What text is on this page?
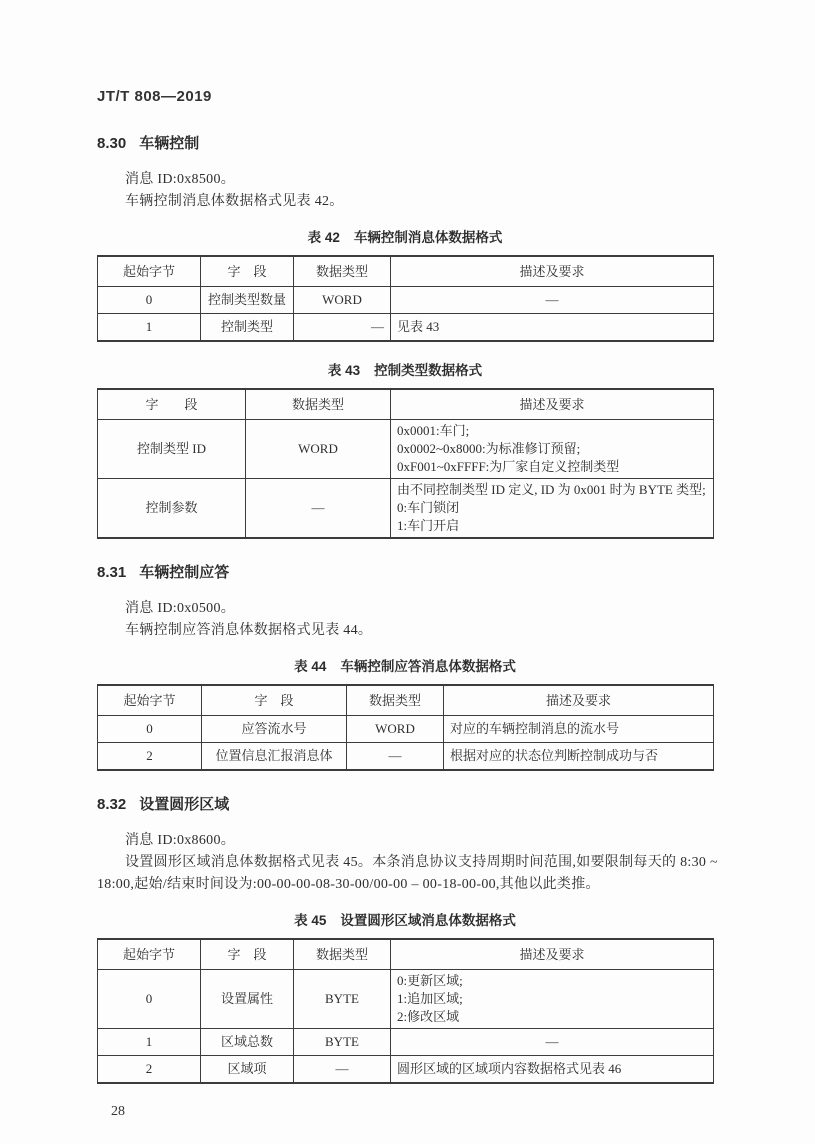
JT/T 808—2019
8.30 车辆控制

消息 ID:0x8500。

车辆控制消息体数据格式见表 42。

表 42 车辆控制消息体数据格式
起始字节	字　段	数据类型	描述及要求
0	控制类型数量	WORD	—
1	控制类型	—	见表 43
表 43 控制类型数据格式
字　　段	数据类型	描述及要求
控制类型 ID	WORD	0x0001:车门;
0x0002~0x8000:为标准修订预留;
0xF001~0xFFFF:为厂家自定义控制类型

控制参数	—	由不同控制类型 ID 定义, ID 为 0x001 时为 BYTE 类型;
0:车门锁闭
1:车门开启
8.31 车辆控制应答

消息 ID:0x0500。

车辆控制应答消息体数据格式见表 44。

表 44 车辆控制应答消息体数据格式
起始字节	字　段	数据类型	描述及要求
0	应答流水号	WORD	对应的车辆控制消息的流水号
2	位置信息汇报消息体	—	根据对应的状态位判断控制成功与否
8.32 设置圆形区域

消息 ID:0x8600。

设置圆形区域消息体数据格式见表 45。本条消息协议支持周期时间范围,如要限制每天的 8:30 ~

18:00,起始/结束时间设为:00-00-00-08-30-00/00-00 – 00-18-00-00,其他以此类推。

表 45 设置圆形区域消息体数据格式
起始字节	字　段	数据类型	描述及要求
0	设置属性	BYTE	0:更新区域;
1:追加区域;
2:修改区域

1	区域总数	BYTE	—
2	区域项	—	圆形区域的区域项内容数据格式见表 46
28
